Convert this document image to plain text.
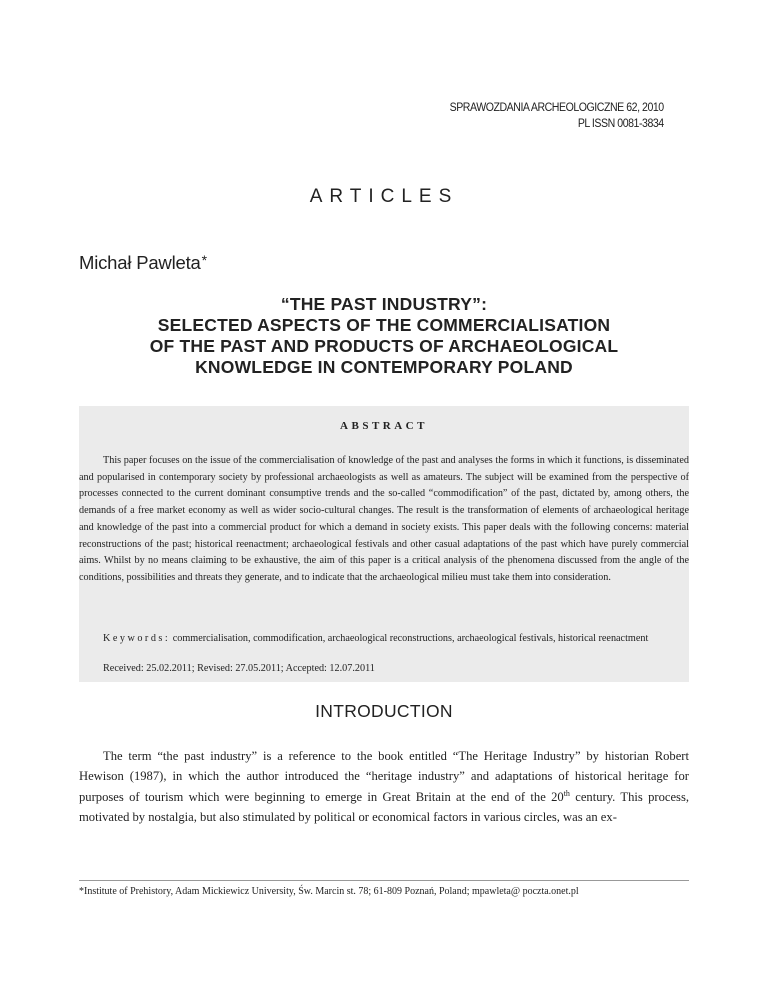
SPRAWOZDANIA ARCHEOLOGICZNE 62, 2010
PL ISSN 0081-3834
ARTICLES
Michał Pawleta*
“THE PAST INDUSTRY”:
SELECTED ASPECTS OF THE COMMERCIALISATION
OF THE PAST AND PRODUCTS OF ARCHAEOLOGICAL
KNOWLEDGE IN CONTEMPORARY POLAND
ABSTRACT

This paper focuses on the issue of the commercialisation of knowledge of the past and analyses the forms in which it functions, is disseminated and popularised in contemporary society by professional archaeologists as well as amateurs. The subject will be examined from the perspective of processes connected to the current dominant consumptive trends and the so-called “commodification” of the past, dictated by, among others, the demands of a free market economy as well as wider socio-cultural changes. The result is the transformation of elements of archaeological heritage and knowledge of the past into a commercial product for which a demand in society exists. This paper deals with the following concerns: material reconstructions of the past; historical reenactment; archaeological festivals and other casual adaptations of the past which have purely commercial aims. Whilst by no means claiming to be exhaustive, the aim of this paper is a critical analysis of the phenomena discussed from the angle of the conditions, possibilities and threats they generate, and to indicate that the archaeological milieu must take them into consideration.

Keywords: commercialisation, commodification, archaeological reconstructions, archaeological festivals, historical reenactment

Received: 25.02.2011; Revised: 27.05.2011; Accepted: 12.07.2011
INTRODUCTION

The term “the past industry” is a reference to the book entitled “The Heritage Industry” by historian Robert Hewison (1987), in which the author introduced the “heritage industry” and adaptations of historical heritage for purposes of tourism which were beginning to emerge in Great Britain at the end of the 20th century. This process, motivated by nostalgia, but also stimulated by political or economical factors in various circles, was an ex-

*Institute of Prehistory, Adam Mickiewicz University, Św. Marcin st. 78; 61-809 Poznań, Poland; mpawleta@ poczta.onet.pl
